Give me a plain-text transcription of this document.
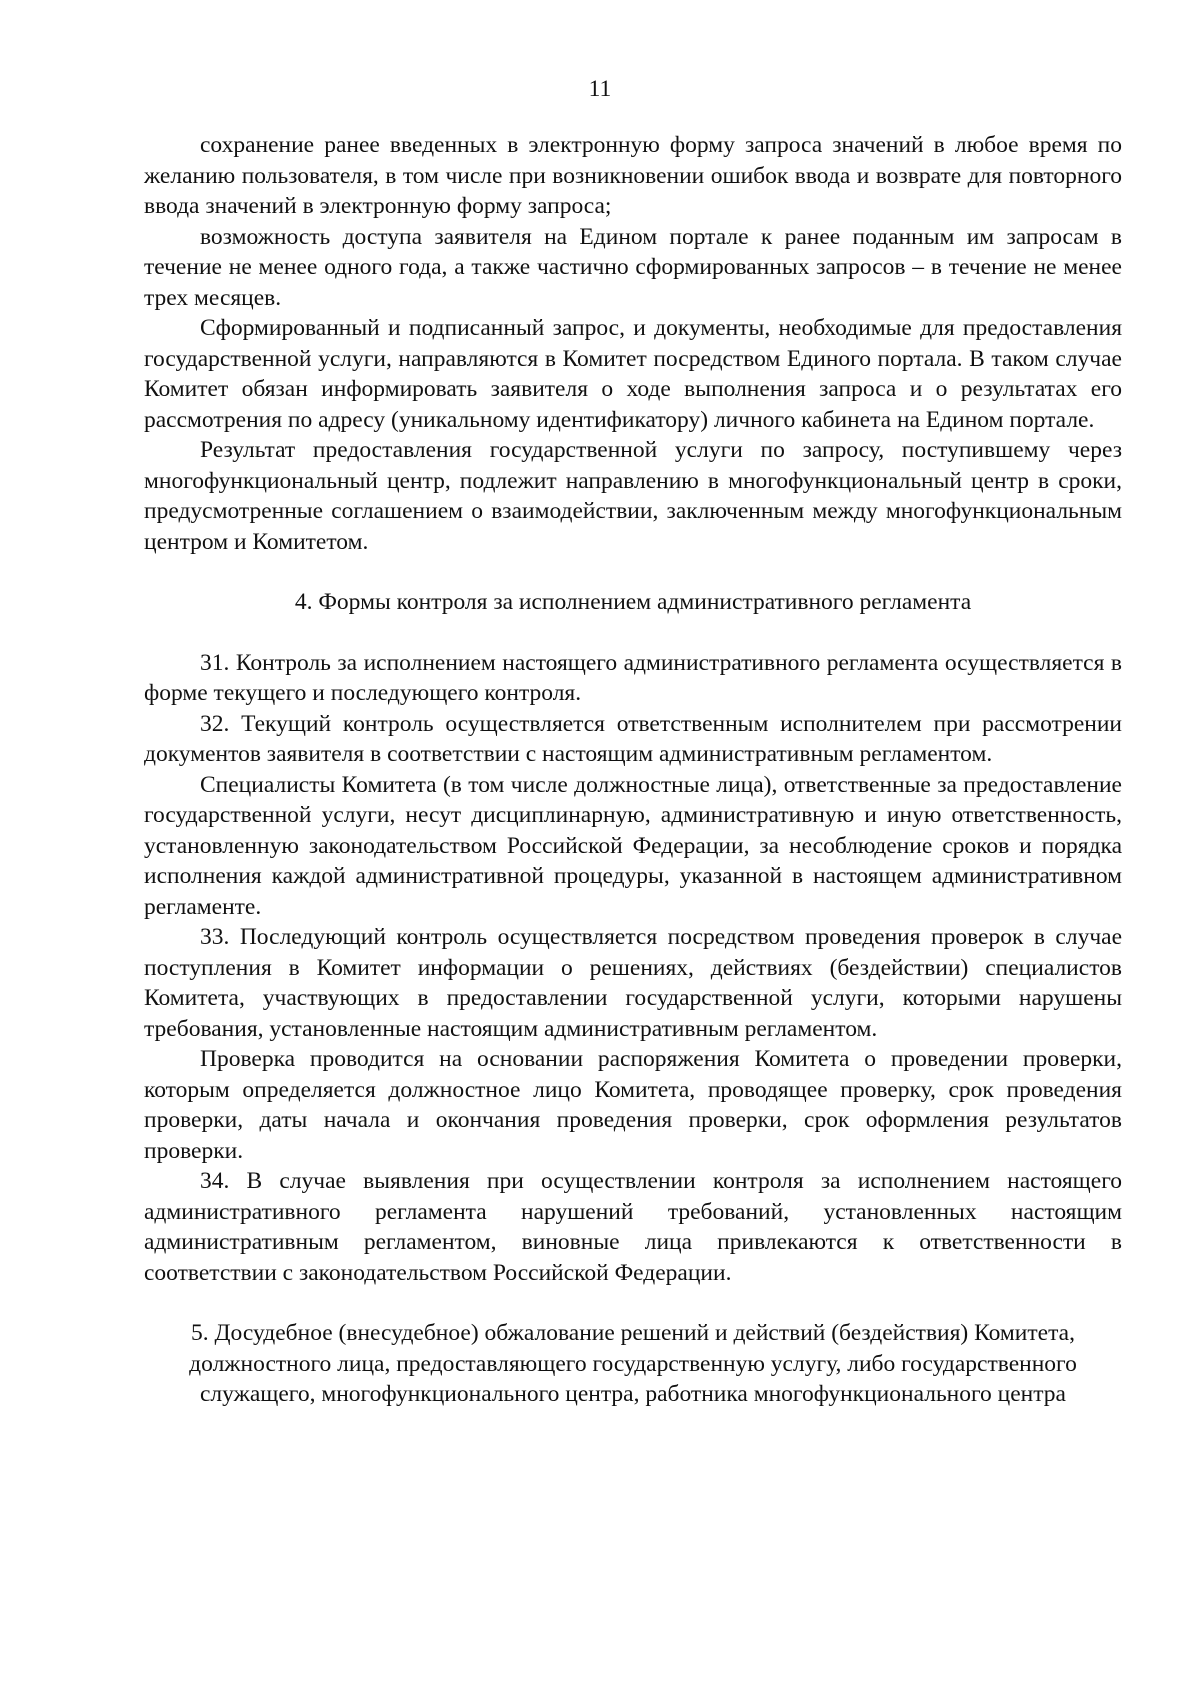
11

сохранение ранее введенных в электронную форму запроса значений в любое время по желанию пользователя, в том числе при возникновении ошибок ввода и возврате для повторного ввода значений в электронную форму запроса;

возможность доступа заявителя на Едином портале к ранее поданным им запросам в течение не менее одного года, а также частично сформированных запросов – в течение не менее трех месяцев.

Сформированный и подписанный запрос, и документы, необходимые для предоставления государственной услуги, направляются в Комитет посредством Единого портала. В таком случае Комитет обязан информировать заявителя о ходе выполнения запроса и о результатах его рассмотрения по адресу (уникальному идентификатору) личного кабинета на Едином портале.

Результат предоставления государственной услуги по запросу, поступившему через многофункциональный центр, подлежит направлению в многофункциональный центр в сроки, предусмотренные соглашением о взаимодействии, заключенным между многофункциональным центром и Комитетом.

4. Формы контроля за исполнением административного регламента

31. Контроль за исполнением настоящего административного регламента осуществляется в форме текущего и последующего контроля.

32. Текущий контроль осуществляется ответственным исполнителем при рассмотрении документов заявителя в соответствии с настоящим административным регламентом.

Специалисты Комитета (в том числе должностные лица), ответственные за предоставление государственной услуги, несут дисциплинарную, административную и иную ответственность, установленную законодательством Российской Федерации, за несоблюдение сроков и порядка исполнения каждой административной процедуры, указанной в настоящем административном регламенте.

33. Последующий контроль осуществляется посредством проведения проверок в случае поступления в Комитет информации о решениях, действиях (бездействии) специалистов Комитета, участвующих в предоставлении государственной услуги, которыми нарушены требования, установленные настоящим административным регламентом.

Проверка проводится на основании распоряжения Комитета о проведении проверки, которым определяется должностное лицо Комитета, проводящее проверку, срок проведения проверки, даты начала и окончания проведения проверки, срок оформления результатов проверки.

34. В случае выявления при осуществлении контроля за исполнением настоящего административного регламента нарушений требований, установленных настоящим административным регламентом, виновные лица привлекаются к ответственности в соответствии с законодательством Российской Федерации.

5. Досудебное (внесудебное) обжалование решений и действий (бездействия) Комитета, должностного лица, предоставляющего государственную услугу, либо государственного служащего, многофункционального центра, работника многофункционального центра
